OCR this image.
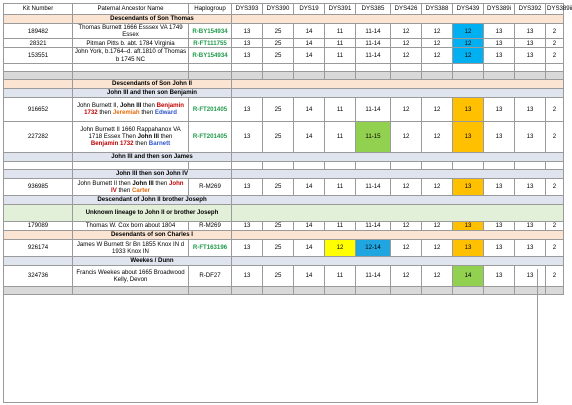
Kit Number	Paternal Ancestor Name	Haplogroup	DYS393	DYS390	DYS19	DYS391	DYS385	DYS426	DYS388	DYS439	DYS389i	DYS392	DYS389ii
	Descendants of Son Thomas												
189482	Thomas Burnett 1666 Esssex VA 1749 Essex	R-BY154934	13	25	14	11	11-14	12	12	12	13	13	2
28321	Pitman Pitts b. abt. 1784 Virginia	R-FT111755	13	25	14	11	11-14	12	12	12	13	13	2
153551	John York, b.1764–d. aft.1810 of Thomas b 1745 NC	R-BY154934	13	25	14	11	11-14	12	12	12	13	13	2

	Descendants of Son John II												
	John III and then son Benjamin												
916652	John Burnett II, John III then Benjamin 1732 then Jeremiah then Edward	R-FT201405	13	25	14	11	11-14	12	12	13	13	13	2
227282	John Burnett II 1660 Rappahanox VA 1718 Essex Then John III then Benjamin 1732 then Barnett	R-FT201405	13	25	14	11	11-15	12	12	13	13	13	2
	John III and then son James												

	John III then son John IV												
936985	John Burnett II then John III then John IV then Carter	R-M269	13	25	14	11	11-14	12	12	13	13	13	2
	Descendant of John II brother Joseph												
	Unknown lineage to John II or brother Joseph												
179089	Thomas W. Cox born about 1804	R-M269	13	25	14	11	11-14	12	12	13	13	13	2
	Desendants of son Charles I												
926174	James W Burnett Sr Bn 1855 Knox IN d 1933 Knox IN	R-FT163196	13	25	14	12	12-14	12	12	13	13	13	2
	Weekes / Dunn												
324736	Francis Weekes about 1665 Broadwood Kelly, Devon	R-DF27	13	25	14	11	11-14	12	12	14	13	13	2
